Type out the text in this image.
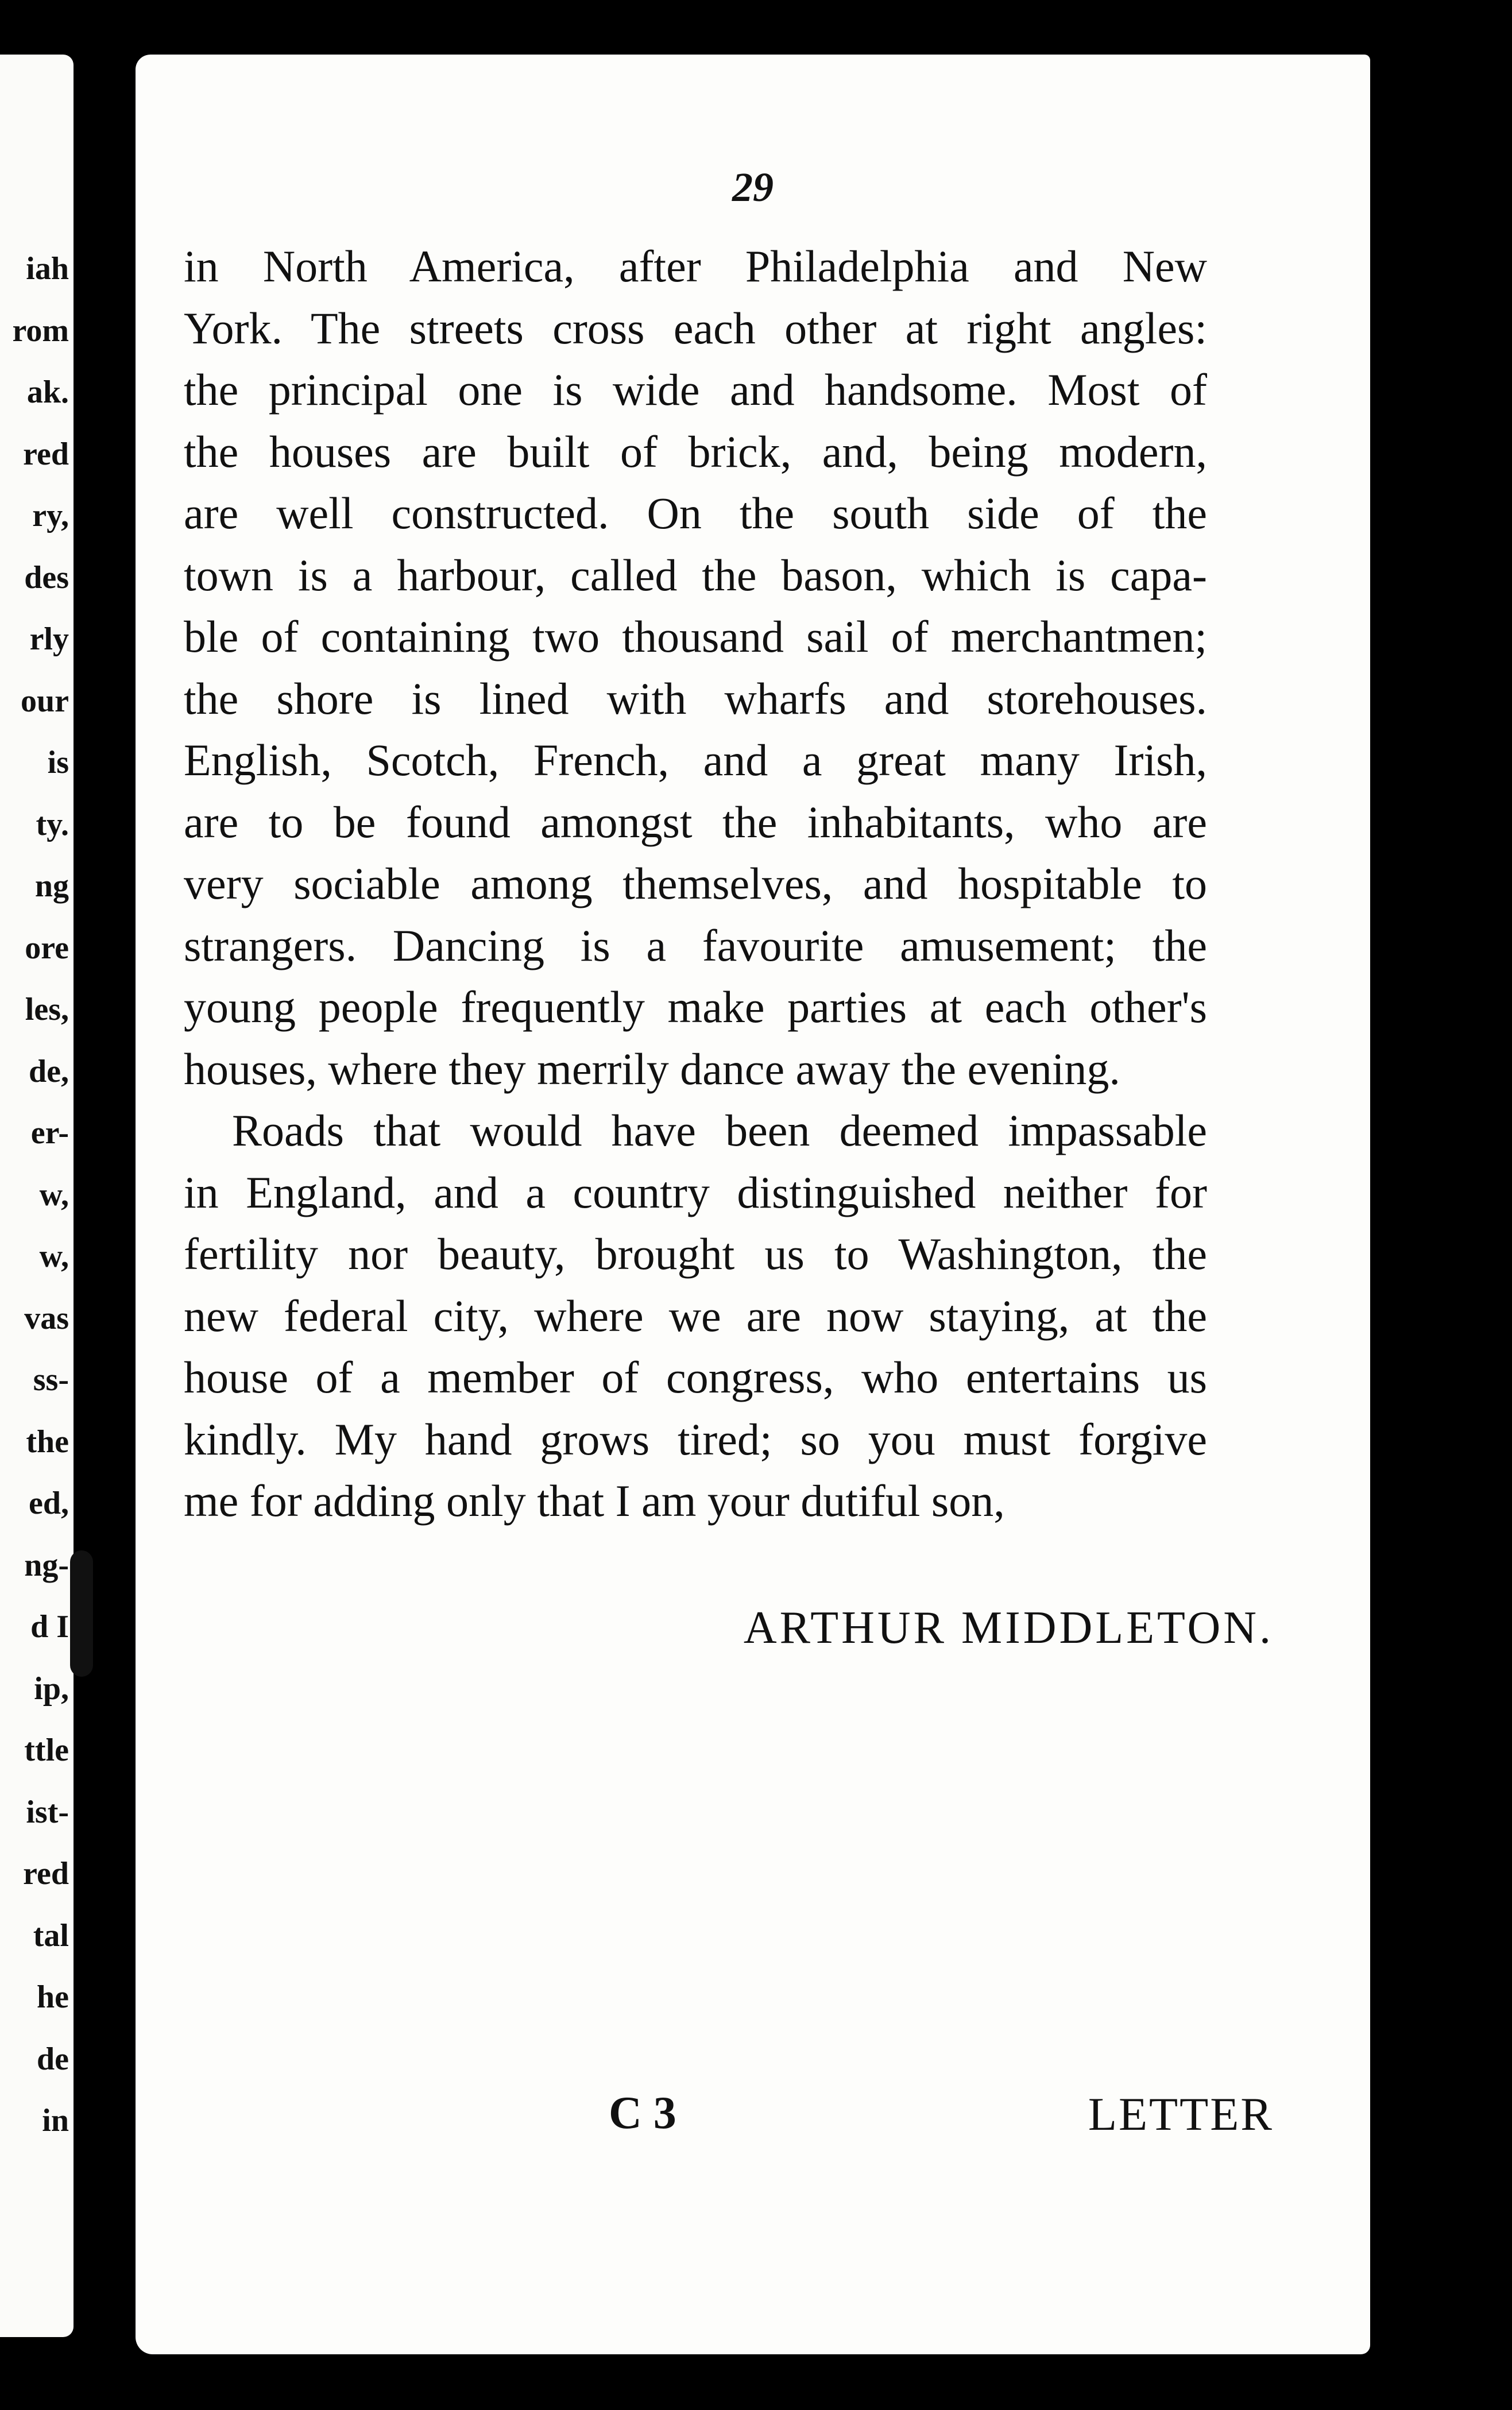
iah
rom
ak.
red
ry,
des
rly
our
is
ty.
ng
ore
les,
de,
er-
w,
w,
vas
ss-
the
ed,
ng-
d I
ip,
ttle
ist-
red
tal
he
de
in
29
in North America, after Philadelphia and New
York. The streets cross each other at right angles:
the principal one is wide and handsome. Most of
the houses are built of brick, and, being modern,
are well constructed. On the south side of the
town is a harbour, called the bason, which is capa-
ble of containing two thousand sail of merchantmen;
the shore is lined with wharfs and storehouses.
English, Scotch, French, and a great many Irish,
are to be found amongst the inhabitants, who are
very sociable among themselves, and hospitable to
strangers. Dancing is a favourite amusement; the
young people frequently make parties at each other's
houses, where they merrily dance away the evening.
Roads that would have been deemed impassable
in England, and a country distinguished neither for
fertility nor beauty, brought us to Washington, the
new federal city, where we are now staying, at the
house of a member of congress, who entertains us
kindly. My hand grows tired; so you must forgive
me for adding only that I am your dutiful son,
ARTHUR MIDDLETON.
C 3	LETTER
